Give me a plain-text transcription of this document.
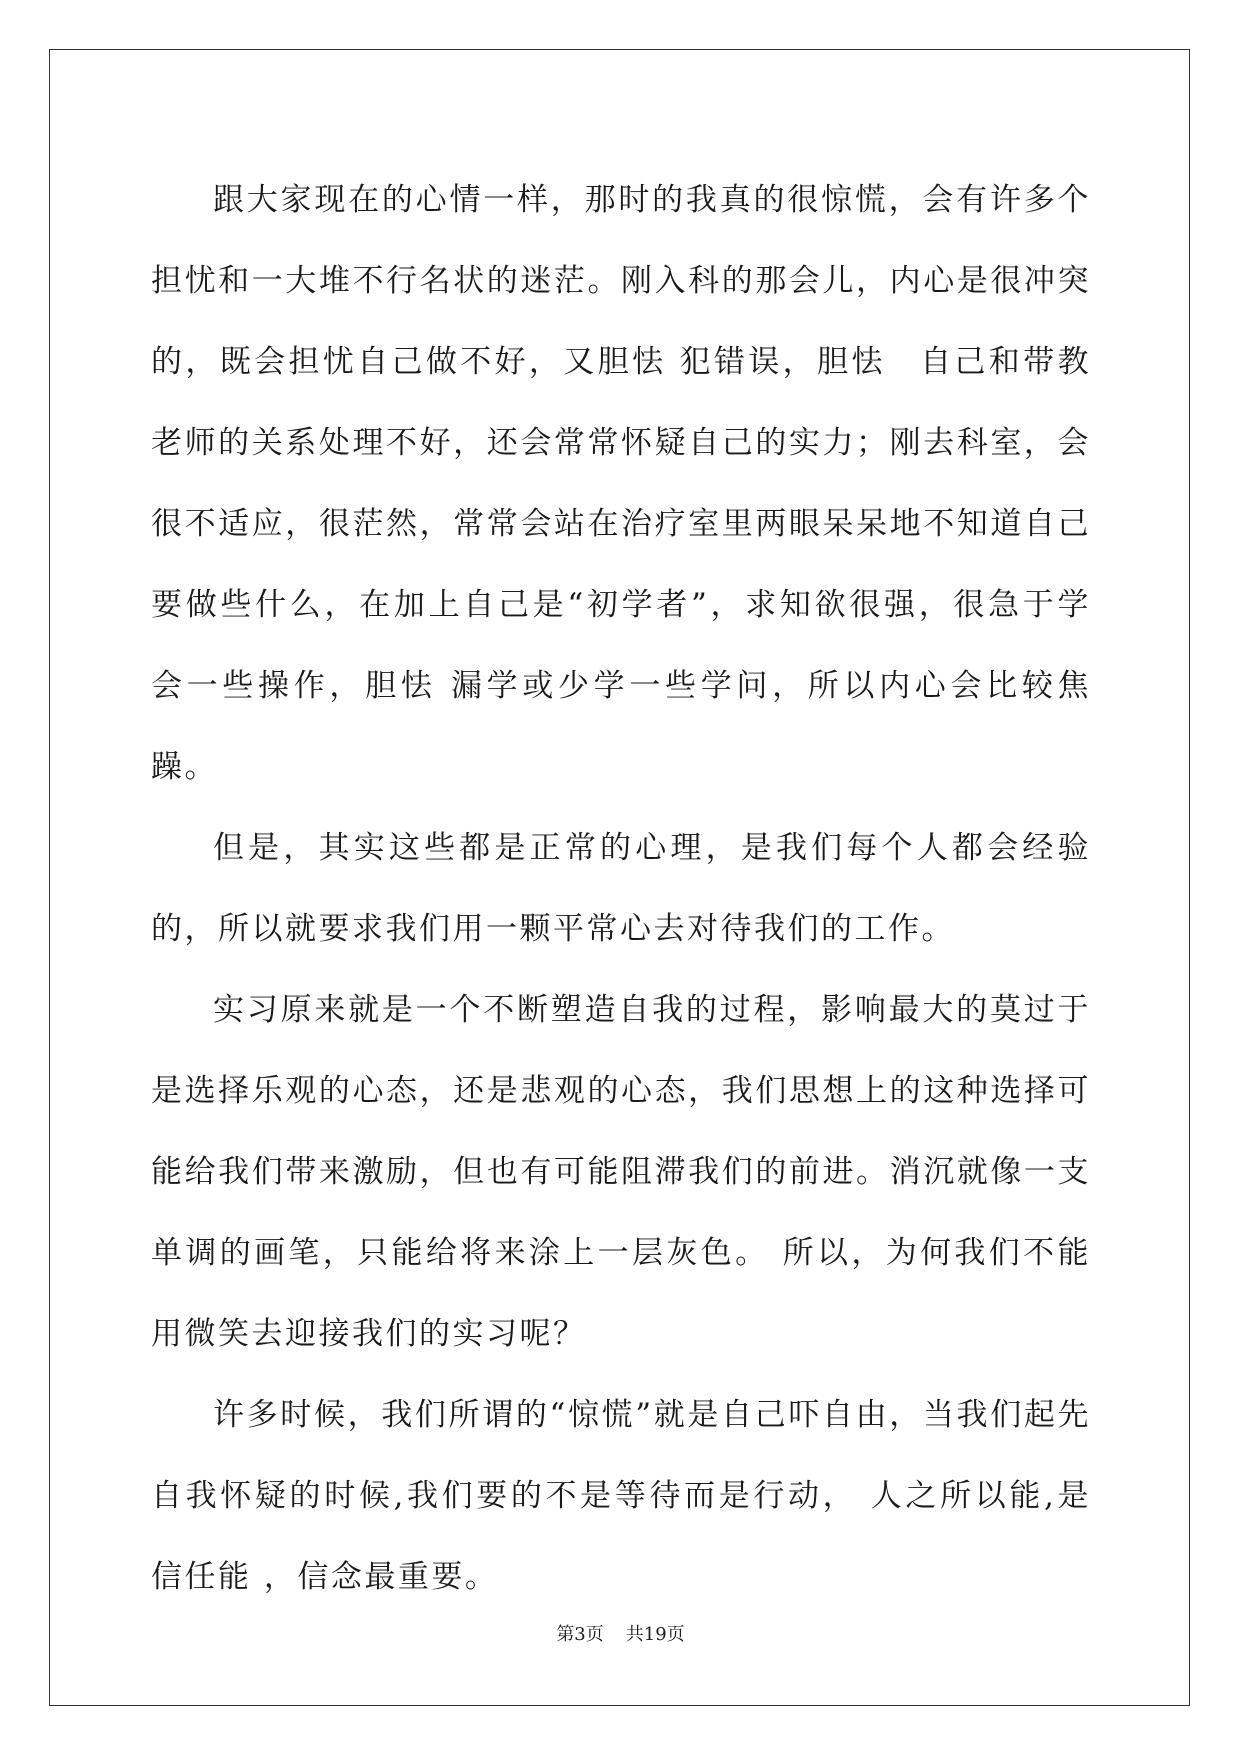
跟大家现在的心情一样，那时的我真的很惊慌，会有许多个担忧和一大堆不行名状的迷茫。刚入科的那会儿，内心是很冲突的，既会担忧自己做不好，又胆怯 犯错误，胆怯　自己和带教老师的关系处理不好，还会常常怀疑自己的实力；刚去科室，会很不适应，很茫然，常常会站在治疗室里两眼呆呆地不知道自己要做些什么，在加上自己是“初学者”，求知欲很强，很急于学会一些操作，胆怯 漏学或少学一些学问，所以内心会比较焦躁。

但是，其实这些都是正常的心理，是我们每个人都会经验的，所以就要求我们用一颗平常心去对待我们的工作。

实习原来就是一个不断塑造自我的过程，影响最大的莫过于是选择乐观的心态，还是悲观的心态，我们思想上的这种选择可能给我们带来激励，但也有可能阻滞我们的前进。消沉就像一支单调的画笔，只能给将来涂上一层灰色。 所以，为何我们不能用微笑去迎接我们的实习呢？

许多时候，我们所谓的“惊慌”就是自己吓自由，当我们起先自我怀疑的时候,我们要的不是等待而是行动， 人之所以能,是信任能 ，信念最重要。

第3页 共19页
